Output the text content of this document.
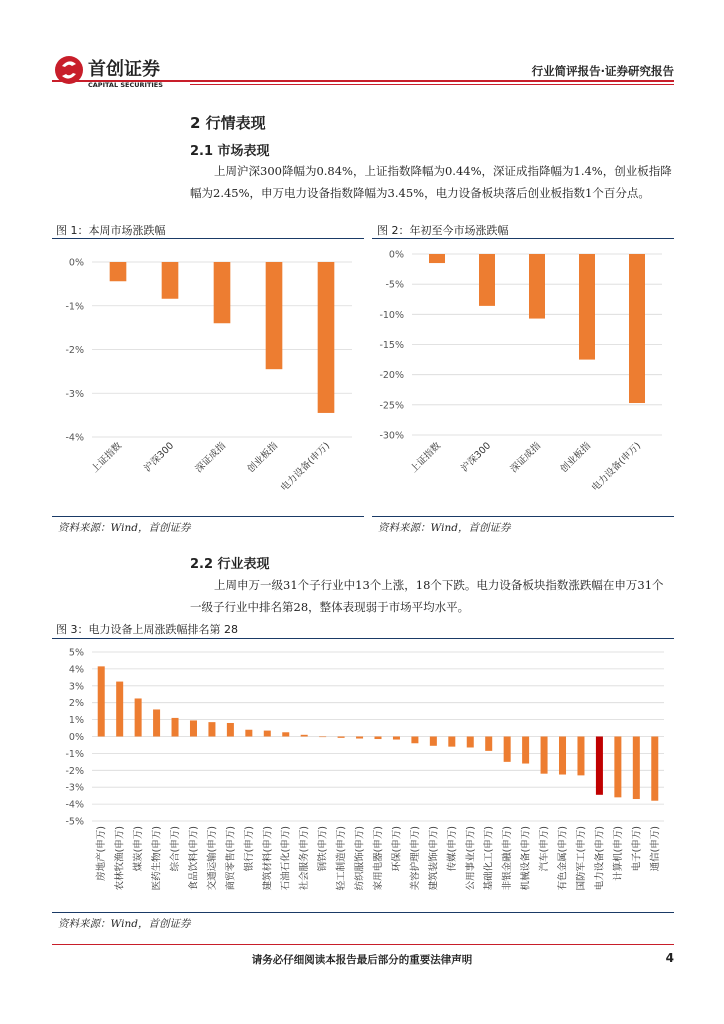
首创证券
CAPITAL SECURITIES
行业简评报告·证券研究报告
2 行情表现
2.1 市场表现
上周沪深300降幅为0.84%，上证指数降幅为0.44%，深证成指降幅为1.4%，创业板指降幅为2.45%，申万电力设备指数降幅为3.45%，电力设备板块落后创业板指数1个百分点。
图 1：本周市场涨跌幅	图 2：年初至今市场涨跌幅
0%
-1%
-2%
-3%
-4%
上证指数 沪深300 深证成指 创业板指
电力设备(申万)
0%
-5%
-10%
-15%
-20%
-25%
-30%
上证指数 沪深300 深证成指 创业板指
电力设备(申万)
资料来源：Wind，首创证券	资料来源：Wind，首创证券
2.2 行业表现
上周申万一级31个子行业中13个上涨，18个下跌。电力设备板块指数涨跌幅在申万31个一级子行业中排名第28，整体表现弱于市场平均水平。
图 3：电力设备上周涨跌幅排名第 28
5%
4%
3%
2%
1%
0%
-1%
-2%
-3%
-4%
-5%
房地产(申万) 农林牧渔(申万) 煤炭(申万) 医药生物(申万) 综合(申万) 食品饮料(申万) 交通运输(申万) 商贸零售(申万) 银行(申万) 建筑材料(申万) 石油石化(申万) 社会服务(申万) 钢铁(申万) 轻工制造(申万) 纺织服饰(申万) 家用电器(申万) 环保(申万) 美容护理(申万) 建筑装饰(申万) 传媒(申万) 公用事业(申万) 基础化工(申万) 非银金融(申万) 机械设备(申万) 汽车(申万) 有色金属(申万) 国防军工(申万) 电力设备(申万) 计算机(申万) 电子(申万) 通信(申万)
资料来源：Wind，首创证券
请务必仔细阅读本报告最后部分的重要法律声明	4
